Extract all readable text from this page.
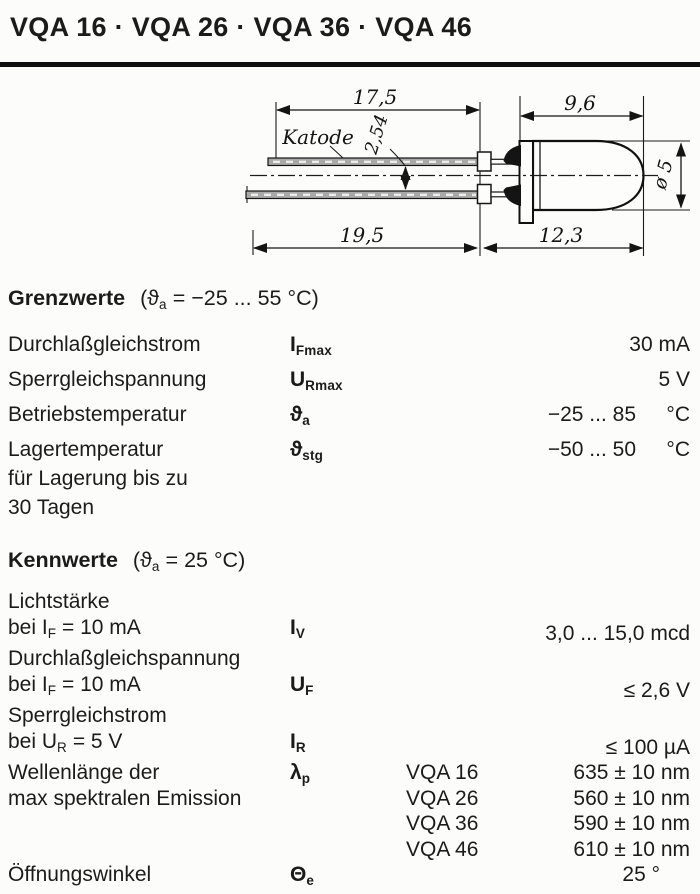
VQA 16 · VQA 26 · VQA 36 · VQA 46
17,5	9,6
Katode 2,54
19,5	12,3
ø 5
Grenzwerte ($ϑ_a = -25$ ... 55 °C)
Durchlaßgleichstrom	IFmax	30 mA
Sperrgleichspannung	URmax	5 V
Betriebstemperatur	ϑa	−25 ... 85 °C
Lagertemperatur
für Lagerung bis zu
30 Tagen
ϑstg	−50 ... 50 °C
Kennwerte ($ϑ_a = 25$ °C)
Lichtstärke
bei $I_F = 10$ mA	IV	3,0 ... 15,0 mcd
Durchlaßgleichspannung
bei $I_F = 10$ mA	UF	≤ 2,6 V
Sperrgleichstrom
bei $U_R = 5$ V	IR	≤ 100 µA
Wellenlänge der
max spektralen Emission
λp	VQA 16	635 ± 10 nm
VQA 26	560 ± 10 nm
VQA 36	590 ± 10 nm
VQA 46	610 ± 10 nm
Öffnungswinkel	Θe	25 °
